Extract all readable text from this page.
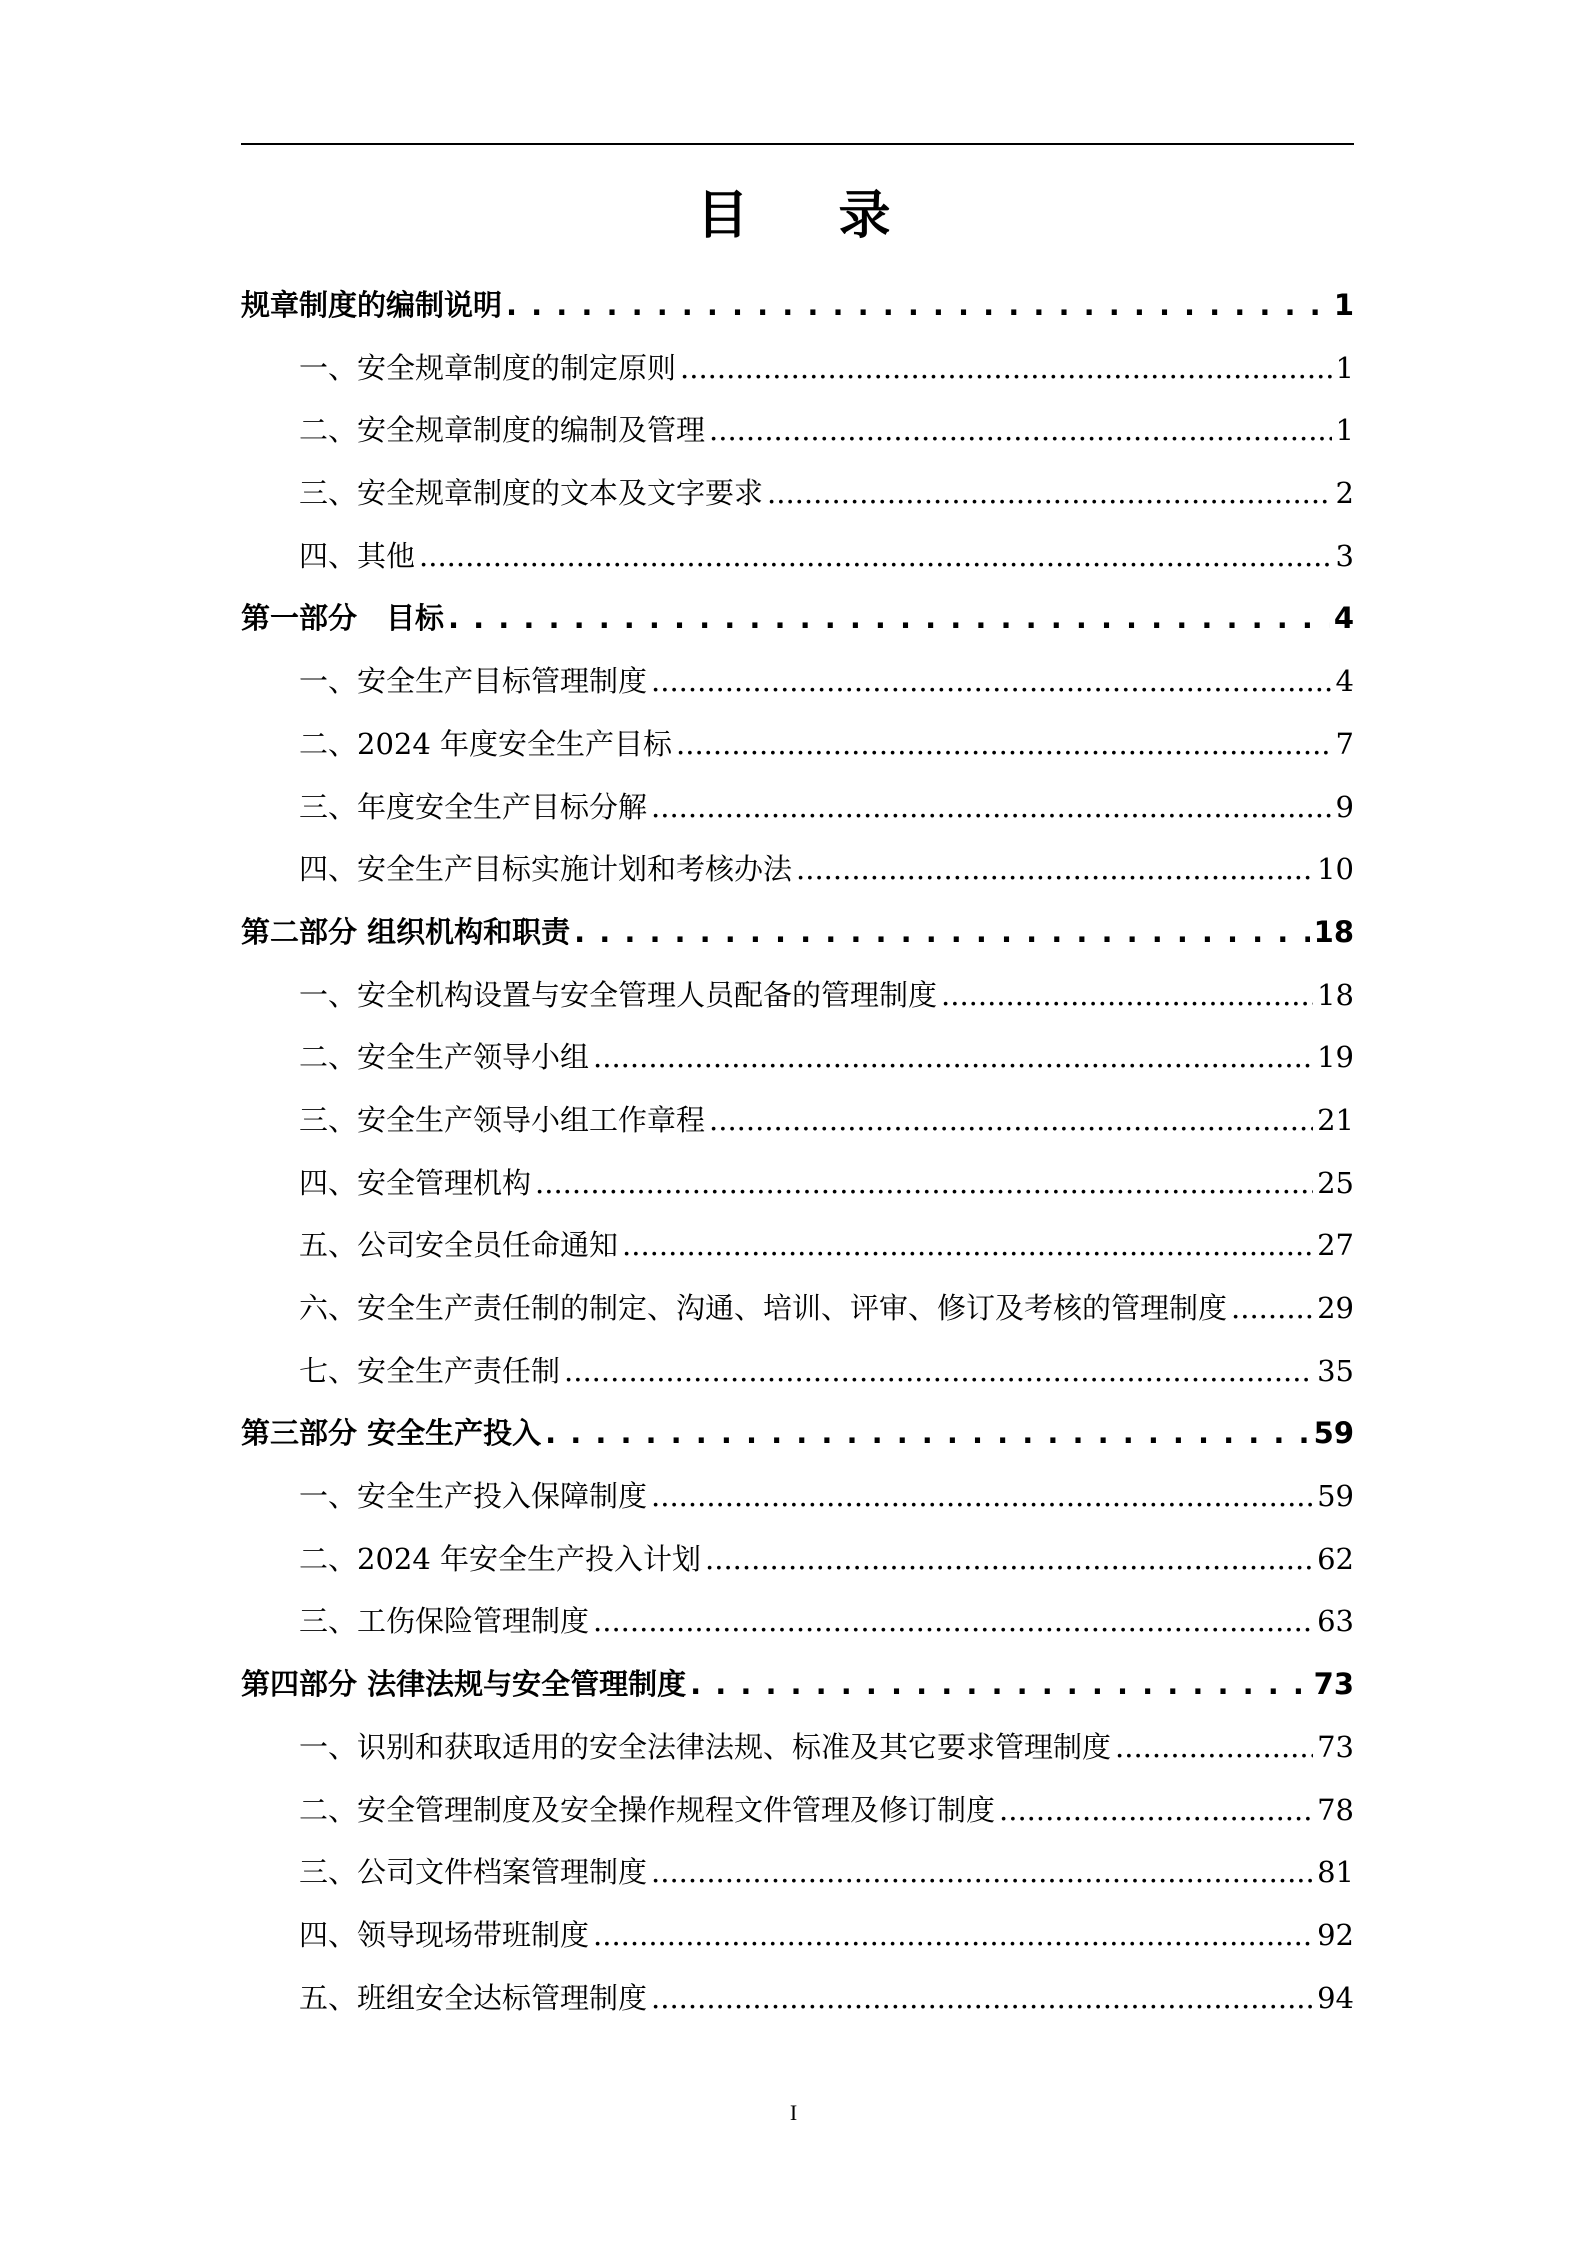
目 录
规章制度的编制说明 . . .	1
一、安全规章制度的制定原则 .....	1
二、安全规章制度的编制及管理 .....	1
三、安全规章制度的文本及文字要求 .....	2
四、其他 .....	3
第一部分　目标 . . .	4
一、安全生产目标管理制度 .....	4
二、2024 年度安全生产目标 .....	7
三、年度安全生产目标分解 .....	9
四、安全生产目标实施计划和考核办法 .....	10
第二部分 组织机构和职责 . . .	18
一、安全机构设置与安全管理人员配备的管理制度 .....	18
二、安全生产领导小组 .....	19
三、安全生产领导小组工作章程 .....	21
四、安全管理机构 .....	25
五、公司安全员任命通知 .....	27
六、安全生产责任制的制定、沟通、培训、评审、修订及考核的管理制度 .....	29
七、安全生产责任制 .....	35
第三部分 安全生产投入 . . .	59
一、安全生产投入保障制度 .....	59
二、2024 年安全生产投入计划 .....	62
三、工伤保险管理制度 .....	63
第四部分 法律法规与安全管理制度 . . .	73
一、识别和获取适用的安全法律法规、标准及其它要求管理制度 .....	73
二、安全管理制度及安全操作规程文件管理及修订制度 .....	78
三、公司文件档案管理制度 .....	81
四、领导现场带班制度 .....	92
五、班组安全达标管理制度 .....	94
I
